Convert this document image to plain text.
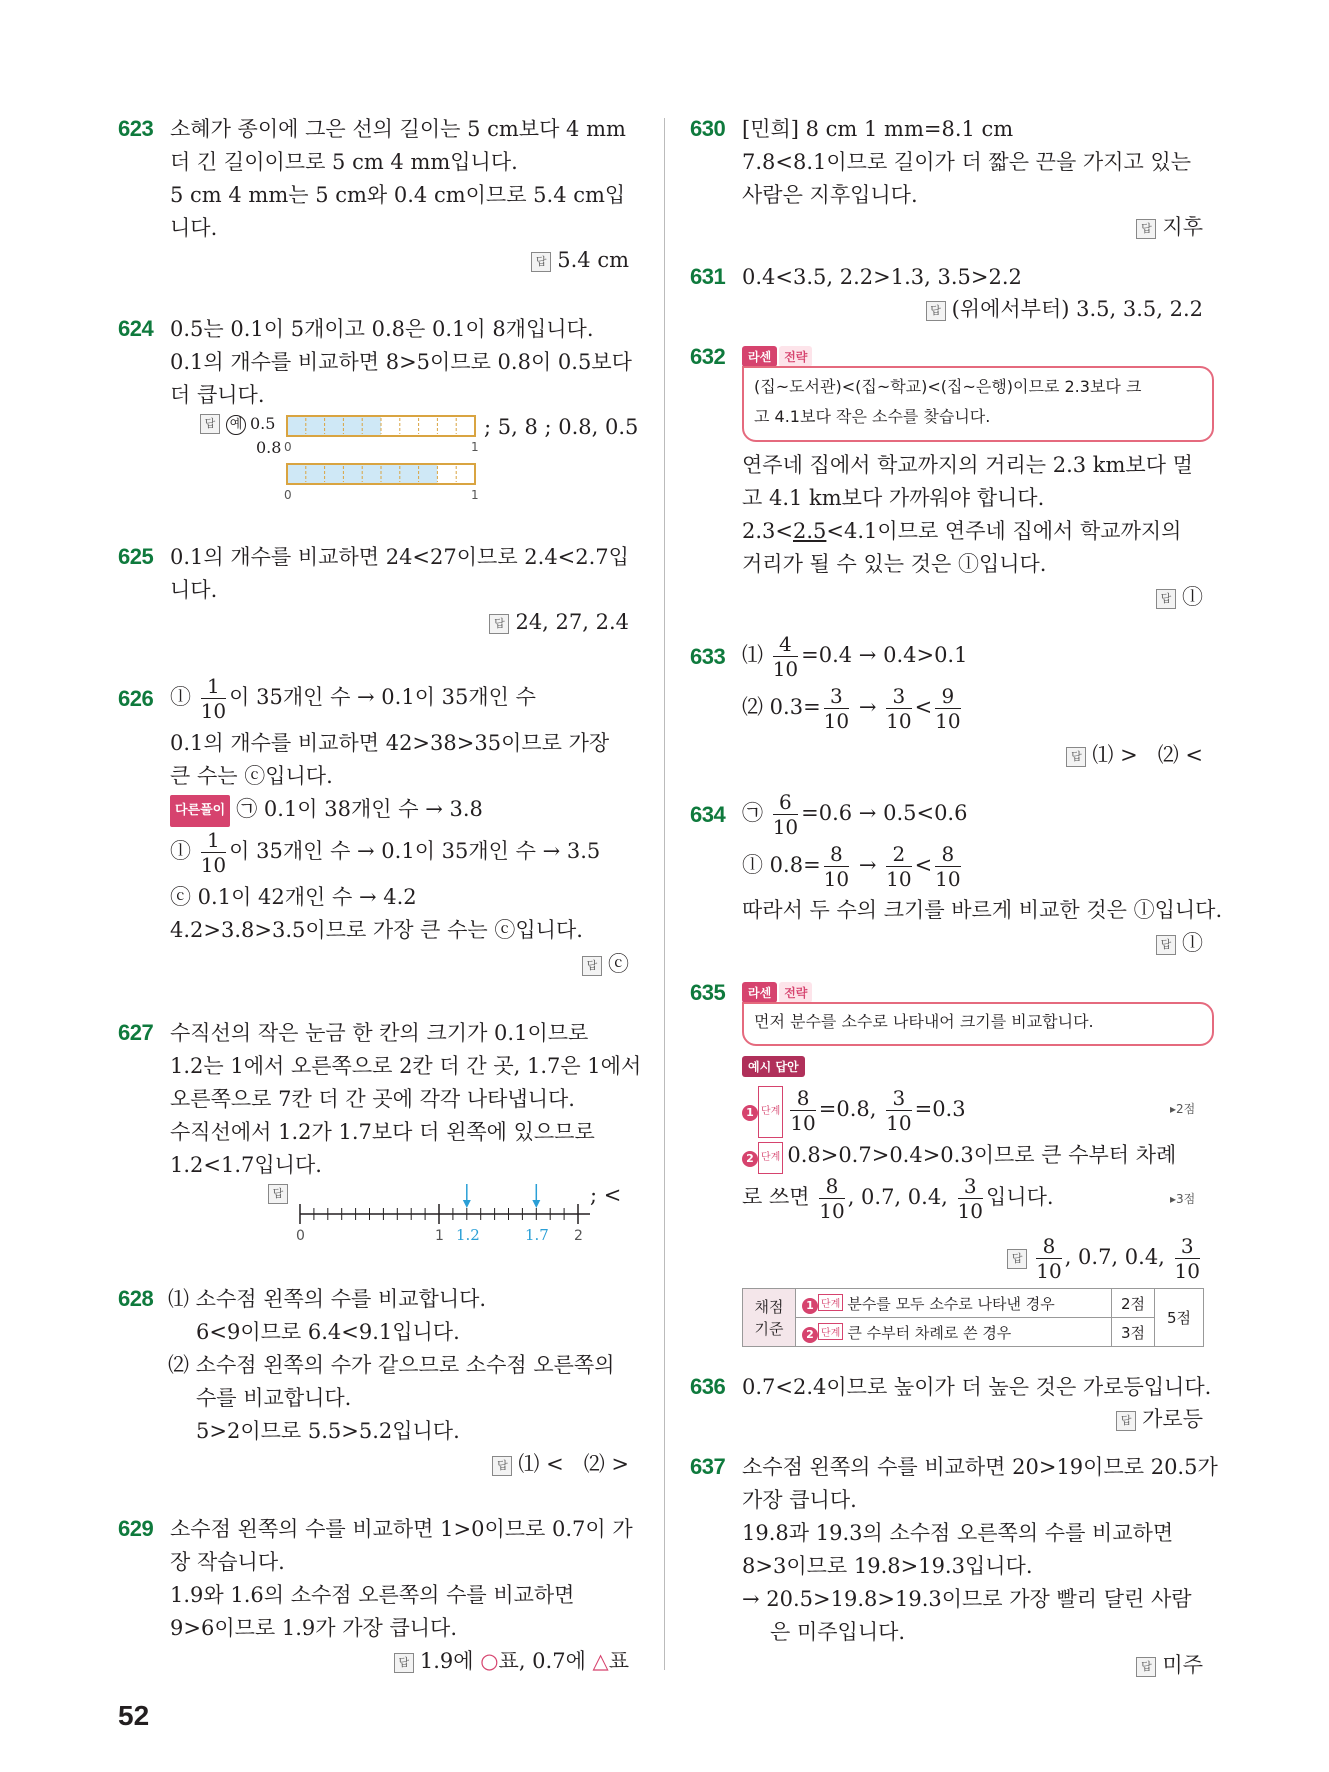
623 소혜가 종이에 그은 선의 길이는 5 cm보다 4 mm
더 긴 길이이므로 5 cm 4 mm입니다.
5 cm 4 mm는 5 cm와 0.4 cm이므로 5.4 cm입
니다.
답 5.4 cm
624 0.5는 0.1이 5개이고 0.8은 0.1이 8개입니다.
0.1의 개수를 비교하면 8>5이므로 0.8이 0.5보다
더 큽니다.
답 예 0.5
0.8 0	1
0	1
; 5, 8 ; 0.8, 0.5
625 0.1의 개수를 비교하면 24<27이므로 2.4<2.7입
니다.
답 24, 27, 2.4
626 ⓛ $\frac{1}{10}$ 이 35개인 수 → 0.1이 35개인 수
0.1의 개수를 비교하면 42>38>35이므로 가장
큰 수는 ⓒ입니다.
다른풀이 ㉠ 0.1이 38개인 수 → 3.8
ⓛ $\frac{1}{10}$ 이 35개인 수 → 0.1이 35개인 수 → 3.5
ⓒ 0.1이 42개인 수 → 4.2
4.2>3.8>3.5이므로 가장 큰 수는 ⓒ입니다.
답 ⓒ
627 수직선의 작은 눈금 한 칸의 크기가 0.1이므로
1.2는 1에서 오른쪽으로 2칸 더 간 곳, 1.7은 1에서
오른쪽으로 7칸 더 간 곳에 각각 나타냅니다.
수직선에서 1.2가 1.7보다 더 왼쪽에 있으므로
1.2<1.7입니다.
답
0	1	2
1.2	1.7
; <
628 ⑴ 소수점 왼쪽의 수를 비교합니다.
6<9이므로 6.4<9.1입니다.
⑵ 소수점 왼쪽의 수가 같으므로 소수점 오른쪽의
수를 비교합니다.
5>2이므로 5.5>5.2입니다.
답 ⑴ <   ⑵ >
629 소수점 왼쪽의 수를 비교하면 1>0이므로 0.7이 가
장 작습니다.
1.9와 1.6의 소수점 오른쪽의 수를 비교하면
9>6이므로 1.9가 가장 큽니다.
답 1.9에 ○표, 0.7에 △표
52
630 [민희] 8 cm 1 mm=8.1 cm
7.8<8.1이므로 길이가 더 짧은 끈을 가지고 있는
사람은 지후입니다.
답 지후
631 0.4<3.5, 2.2>1.3, 3.5>2.2
답 (위에서부터) 3.5, 3.5, 2.2
632	라센 전략
(집~도서관)<(집~학교)<(집~은행)이므로 2.3보다 크
고 4.1보다 작은 소수를 찾습니다.
연주네 집에서 학교까지의 거리는 2.3 km보다 멀
고 4.1 km보다 가까워야 합니다.
2.3<2.5<4.1이므로 연주네 집에서 학교까지의
거리가 될 수 있는 것은 ⓛ입니다.
답 ⓛ
633 ⑴ $\frac{4}{10} =0.4 \to 0.4>0.1$
⑵ $0.3= \frac{3}{10} \to \frac{3}{10} < \frac{9}{10}$
답 ⑴ >   ⑵ <
634 ㉠ $\frac{6}{10} =0.6 \to 0.5<0.6$
ⓛ $0.8= \frac{8}{10} \to \frac{2}{10} < \frac{8}{10}$
따라서 두 수의 크기를 바르게 비교한 것은 ⓛ입니다.
답 ⓛ
635	라센 전략
먼저 분수를 소수로 나타내어 크기를 비교합니다.
예시 답안
1 단계 $\frac{8}{10} =0.8$, $\frac{3}{10} =0.3$	▸2점
2 단계 0.8>0.7>0.4>0.3이므로 큰 수부터 차례
로 쓰면 $\frac{8}{10}$ , 0.7, 0.4, $\frac{3}{10}$ 입니다.	▸3점
답 $\frac{8}{10}$ , 0.7, 0.4, $\frac{3}{10}$
채점
기준	1 단계 분수를 모두 소수로 나타낸 경우	2점	5점
	2 단계 큰 수부터 차례로 쓴 경우	3점	
636 0.7<2.4이므로 높이가 더 높은 것은 가로등입니다.
답 가로등
637 소수점 왼쪽의 수를 비교하면 20>19이므로 20.5가
가장 큽니다.
19.8과 19.3의 소수점 오른쪽의 수를 비교하면
8>3이므로 19.8>19.3입니다.
→ 20.5>19.8>19.3이므로 가장 빨리 달린 사람
은 미주입니다.
답 미주
